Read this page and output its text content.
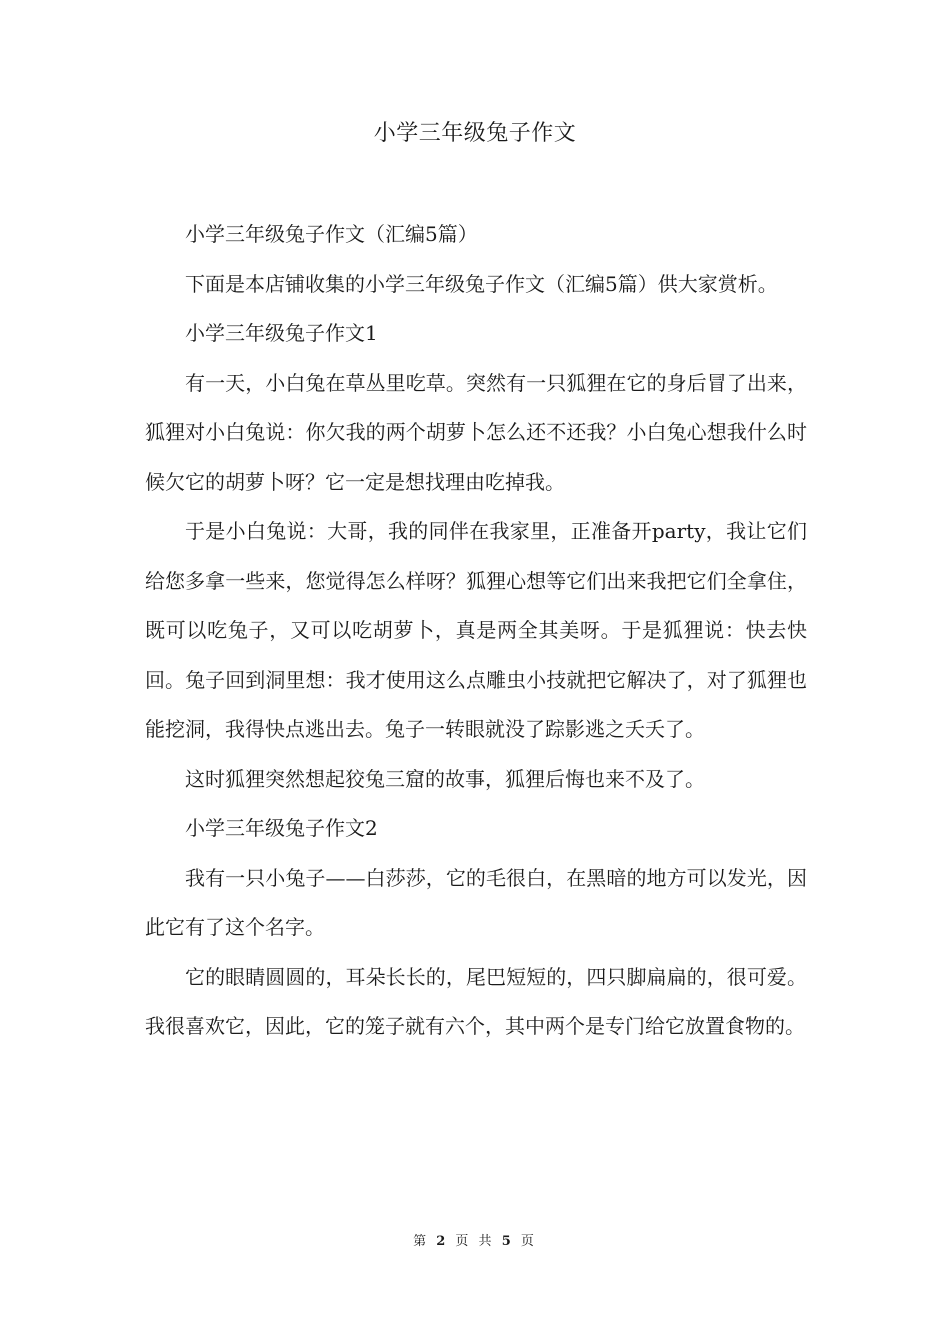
小学三年级兔子作文

小学三年级兔子作文（汇编5篇）

下面是本店铺收集的小学三年级兔子作文（汇编5篇）供大家赏析。

小学三年级兔子作文1

有一天，小白兔在草丛里吃草。突然有一只狐狸在它的身后冒了出来，狐狸对小白兔说：你欠我的两个胡萝卜怎么还不还我？小白兔心想我什么时候欠它的胡萝卜呀？它一定是想找理由吃掉我。

于是小白兔说：大哥，我的同伴在我家里，正准备开party，我让它们给您多拿一些来，您觉得怎么样呀？狐狸心想等它们出来我把它们全拿住，既可以吃兔子，又可以吃胡萝卜，真是两全其美呀。于是狐狸说：快去快回。兔子回到洞里想：我才使用这么点雕虫小技就把它解决了，对了狐狸也能挖洞，我得快点逃出去。兔子一转眼就没了踪影逃之夭夭了。

这时狐狸突然想起狡兔三窟的故事，狐狸后悔也来不及了。

小学三年级兔子作文2

我有一只小兔子——白莎莎，它的毛很白，在黑暗的地方可以发光，因此它有了这个名字。

它的眼睛圆圆的，耳朵长长的，尾巴短短的，四只脚扁扁的，很可爱。我很喜欢它，因此，它的笼子就有六个，其中两个是专门给它放置食物的。

第 2 页 共 5 页
